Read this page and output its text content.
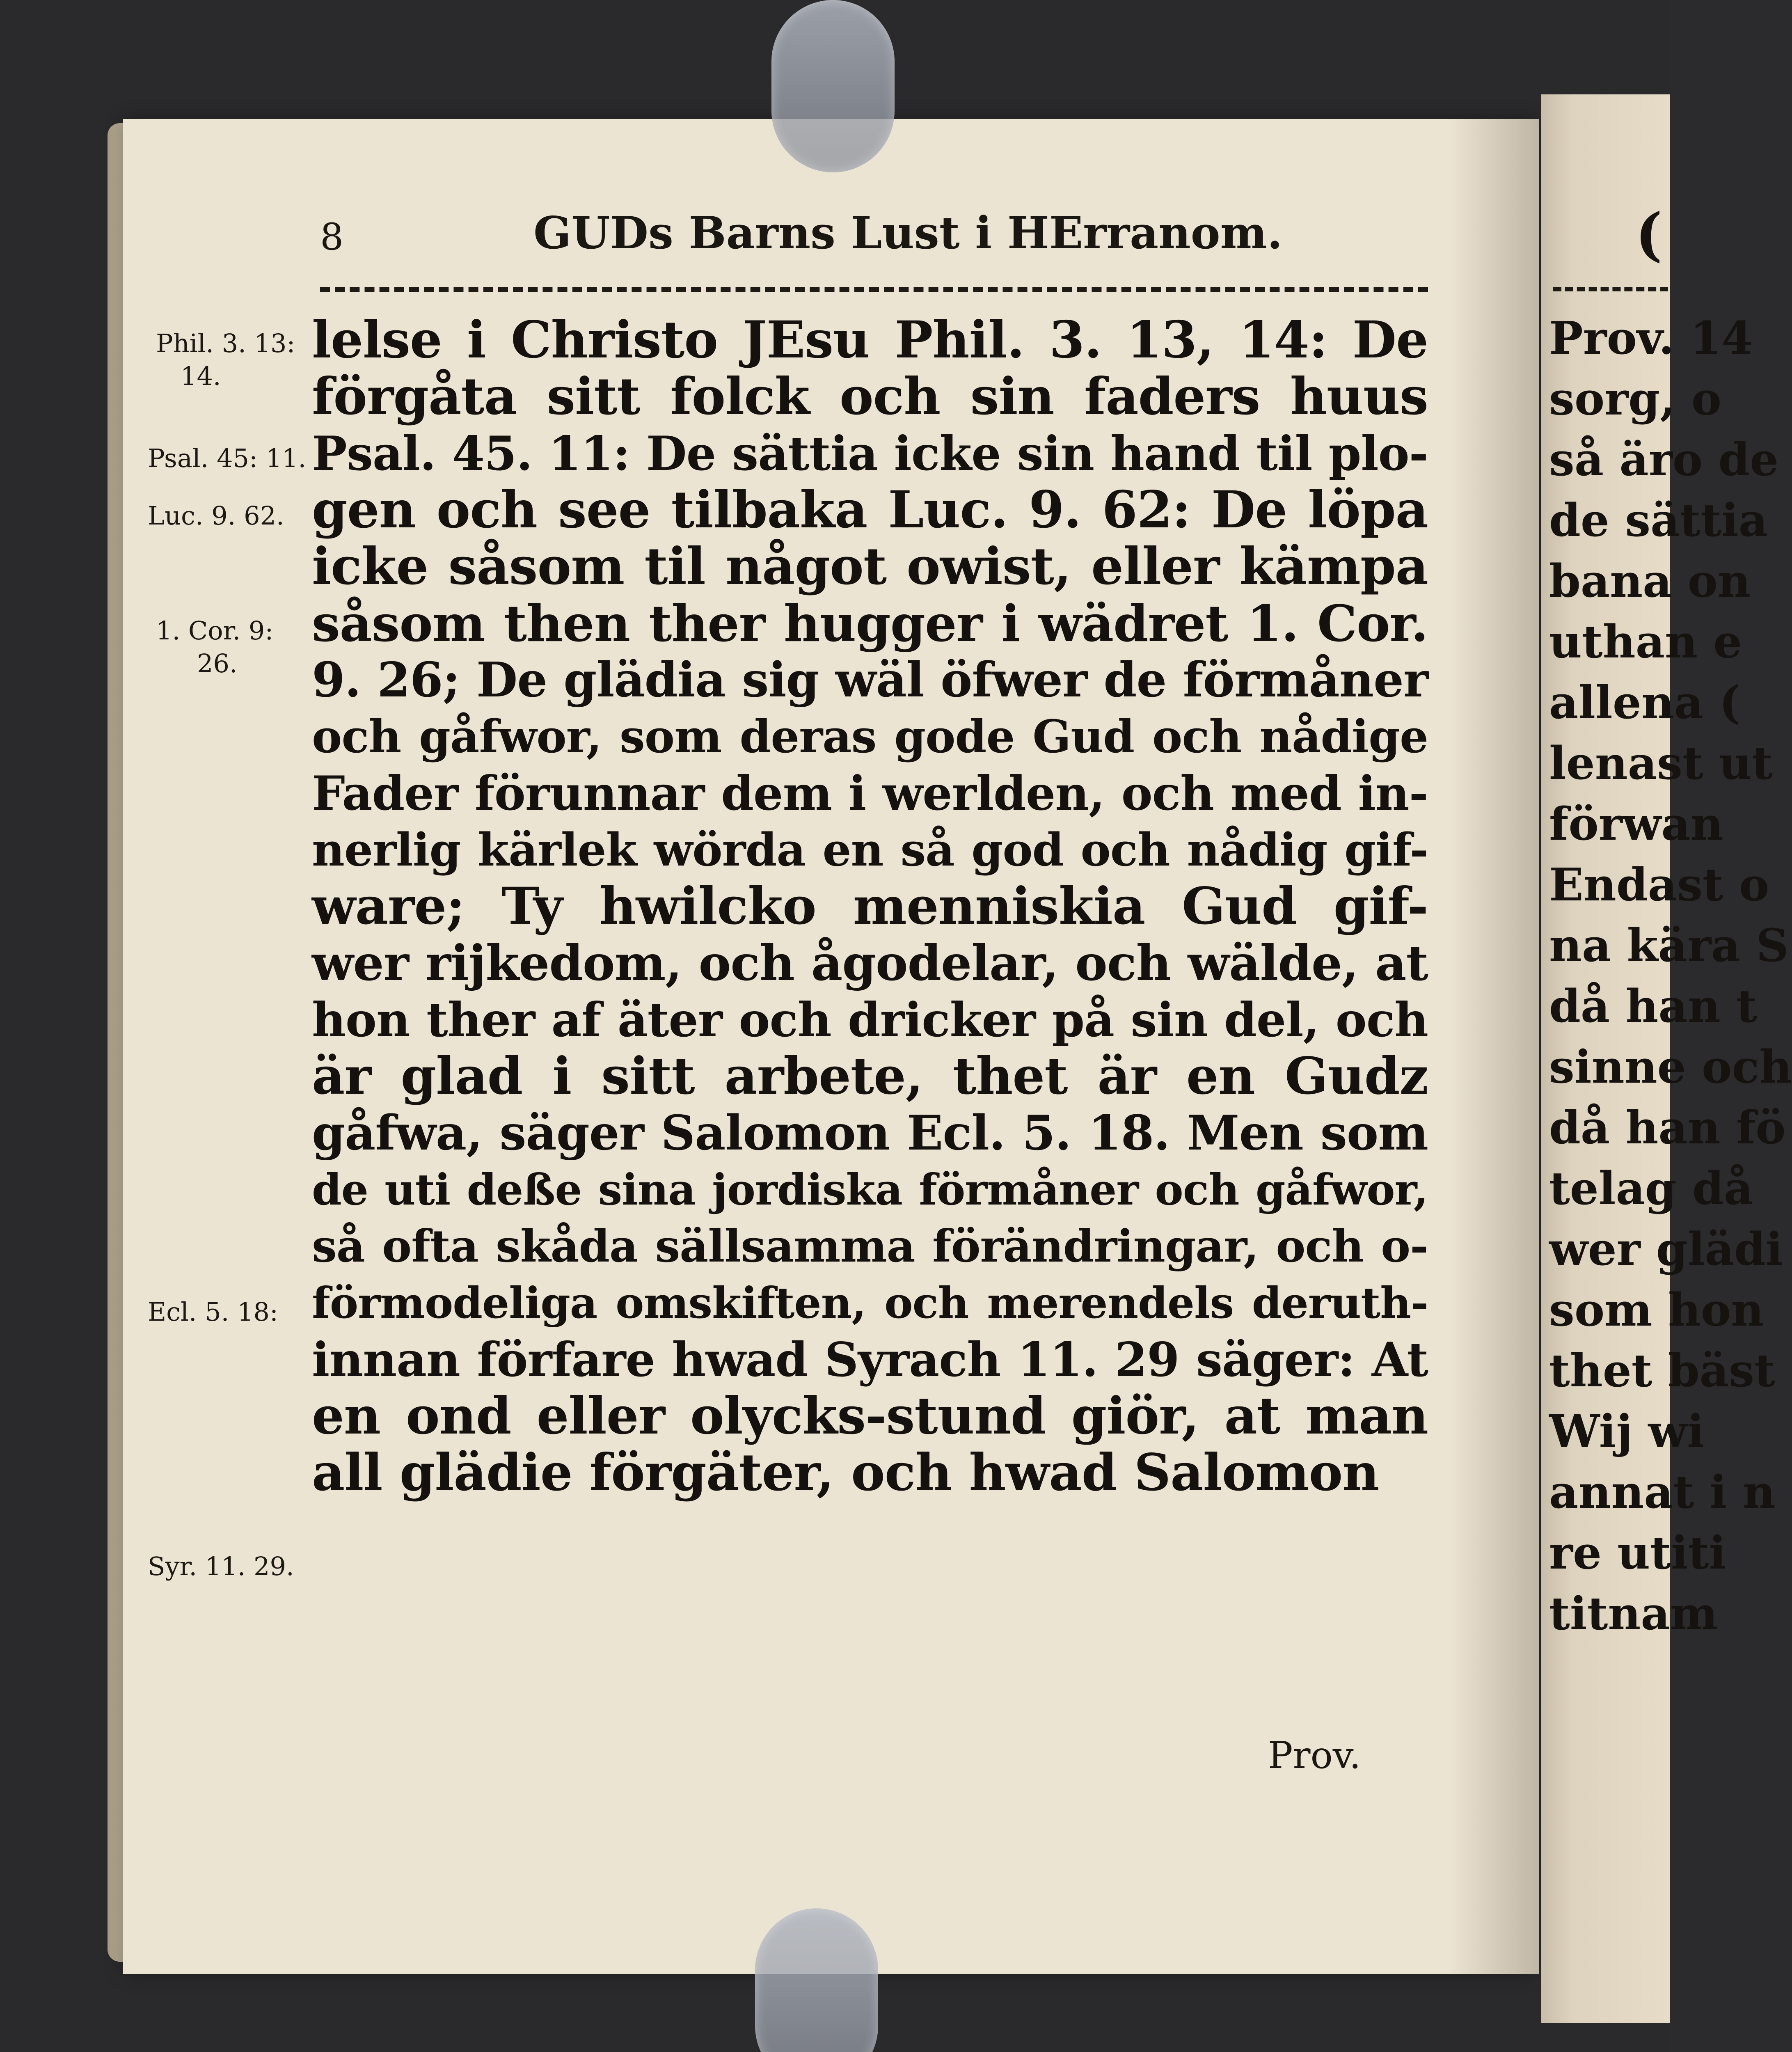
(
Prov. 14
sorg, o
så äro de
de sättia
bana on
uthan e
allena (
lenast ut
förwan
Endast o
na kära S
då han t
sinne och
då han fö
telag då
wer glädi
som hon
thet bäst
Wij wi
annat i n
re utiti
titnam
8	GUDs Barns Lust i HErranom.
Phil. 3. 13:
14.
Psal. 45: 11.
Luc. 9. 62.
1. Cor. 9:
26.
Ecl. 5. 18:
Syr. 11. 29.
lelse i Christo JEsu Phil. 3. 13, 14: De
förgåta sitt folck och sin faders huus
Psal. 45. 11: De sättia icke sin hand til plo-
gen och see tilbaka Luc. 9. 62: De löpa
icke såsom til något owist, eller kämpa
såsom then ther hugger i wädret 1. Cor.
9. 26; De glädia sig wäl öfwer de förmåner
och gåfwor, som deras gode Gud och nådige
Fader förunnar dem i werlden, och med in-
nerlig kärlek wörda en så god och nådig gif-
ware; Ty hwilcko menniskia Gud gif-
wer rijkedom, och ågodelar, och wälde, at
hon ther af äter och dricker på sin del, och
är glad i sitt arbete, thet är en Gudz
gåfwa, säger Salomon Ecl. 5. 18. Men som
de uti deße sina jordiska förmåner och gåfwor,
så ofta skåda sällsamma förändringar, och o-
förmodeliga omskiften, och merendels deruth-
innan förfare hwad Syrach 11. 29 säger: At
en ond eller olycks-stund giör, at man
all glädie förgäter, och hwad Salomon
Prov.
